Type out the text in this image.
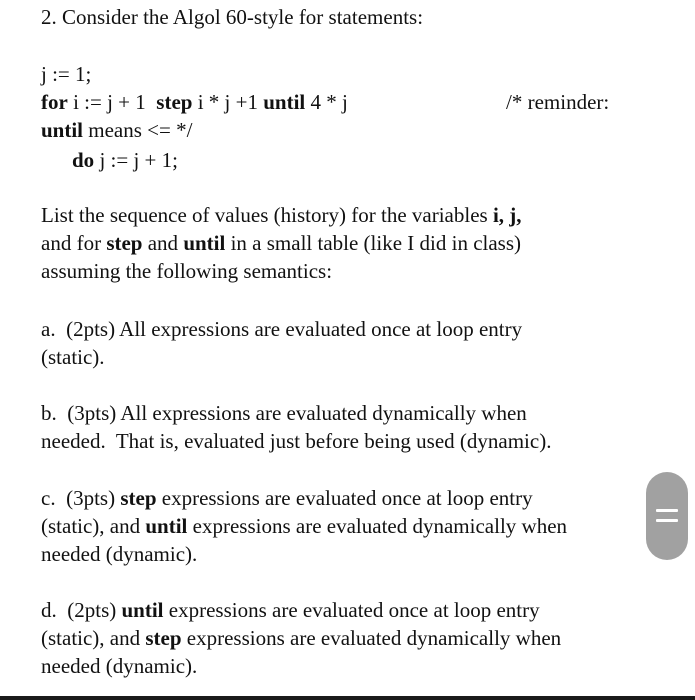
2. Consider the Algol 60-style for statements:
j := 1;
for i := j + 1  step i * j +1 until 4 * j	/* reminder:
until means <= */
do j := j + 1;
List the sequence of values (history) for the variables i, j,
and for step and until in a small table (like I did in class)
assuming the following semantics:
a.  (2pts) All expressions are evaluated once at loop entry
(static).
b.  (3pts) All expressions are evaluated dynamically when
needed.  That is, evaluated just before being used (dynamic).
c.  (3pts) step expressions are evaluated once at loop entry
(static), and until expressions are evaluated dynamically when
needed (dynamic).
d.  (2pts) until expressions are evaluated once at loop entry
(static), and step expressions are evaluated dynamically when
needed (dynamic).
